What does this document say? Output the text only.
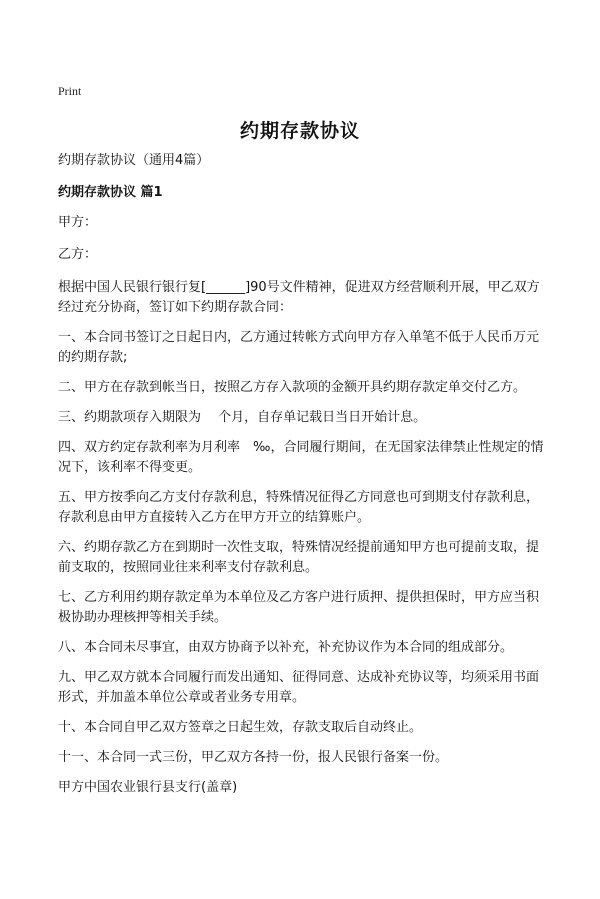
Print
约期存款协议
约期存款协议（通用4篇）
约期存款协议 篇1
甲方：
乙方：
根据中国人民银行银行复[______]90号文件精神，促进双方经营顺利开展，甲乙双方经过充分协商，签订如下约期存款合同：
一、本合同书签订之日起日内，乙方通过转帐方式向甲方存入单笔不低于人民币万元的约期存款;
二、甲方在存款到帐当日，按照乙方存入款项的金额开具约期存款定单交付乙方。
三、约期款项存入期限为　 个月，自存单记载日当日开始计息。
四、双方约定存款利率为月利率　‰，合同履行期间，在无国家法律禁止性规定的情况下，该利率不得变更。
五、甲方按季向乙方支付存款利息，特殊情况征得乙方同意也可到期支付存款利息，存款利息由甲方直接转入乙方在甲方开立的结算账户。
六、约期存款乙方在到期时一次性支取，特殊情况经提前通知甲方也可提前支取，提前支取的，按照同业往来利率支付存款利息。
七、乙方利用约期存款定单为本单位及乙方客户进行质押、提供担保时，甲方应当积极协助办理核押等相关手续。
八、本合同未尽事宜，由双方协商予以补充，补充协议作为本合同的组成部分。
九、甲乙双方就本合同履行而发出通知、征得同意、达成补充协议等，均须采用书面形式，并加盖本单位公章或者业务专用章。
十、本合同自甲乙双方签章之日起生效，存款支取后自动终止。
十一、本合同一式三份，甲乙双方各持一份，报人民银行备案一份。
甲方中国农业银行县支行(盖章)
